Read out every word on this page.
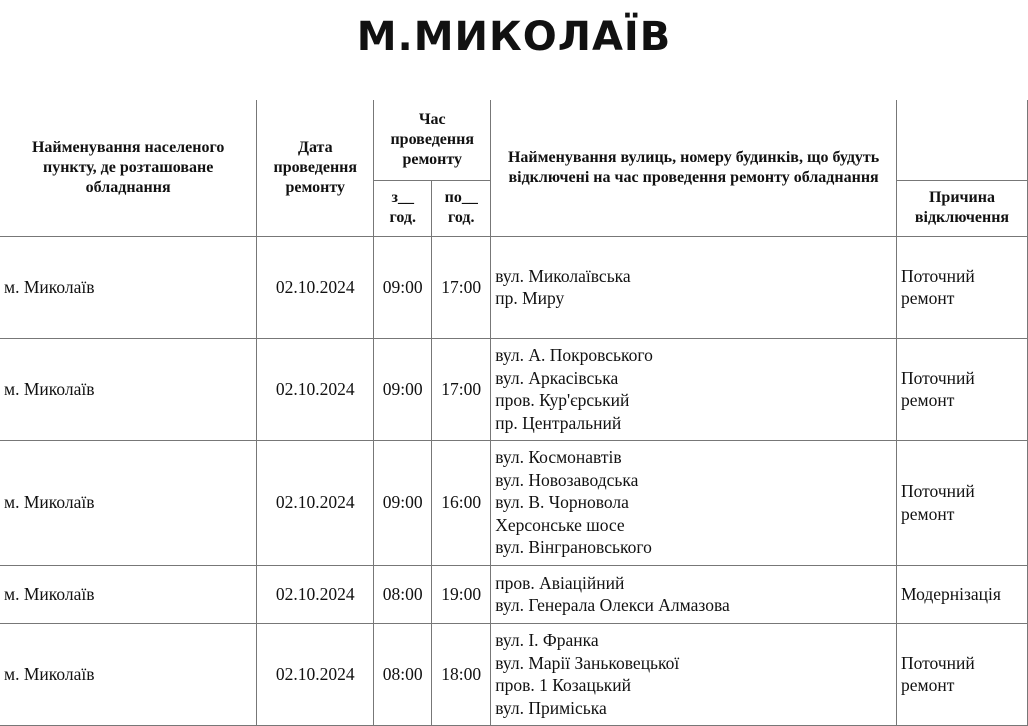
М.МИКОЛАЇВ
Найменування населеного пункту, де розташоване обладнання	Дата проведення ремонту	Час проведення ремонту		Найменування вулиць, номеру будинків, що будуть відключені на час проведення ремонту обладнання	
		з__ год.	по__ год.		Причина відключення
м. Миколаїв	02.10.2024	09:00	17:00	вул. Миколаївська
пр. Миру	Поточний
ремонт

м. Миколаїв	02.10.2024	09:00	17:00	вул. А. Покровського
вул. Аркасівська
пров. Кур'єрський
пр. Центральний	Поточний
ремонт

м. Миколаїв	02.10.2024	09:00	16:00	вул. Космонавтів
вул. Новозаводська
вул. В. Чорновола
Херсонське шосе
вул. Вінграновського	Поточний
ремонт

м. Миколаїв	02.10.2024	08:00	19:00	пров. Авіаційний
вул. Генерала Олекси Алмазова	Модернізація

м. Миколаїв	02.10.2024	08:00	18:00	вул. І. Франка
вул. Марії Заньковецької
пров. 1 Козацький
вул. Приміська	Поточний
ремонт
